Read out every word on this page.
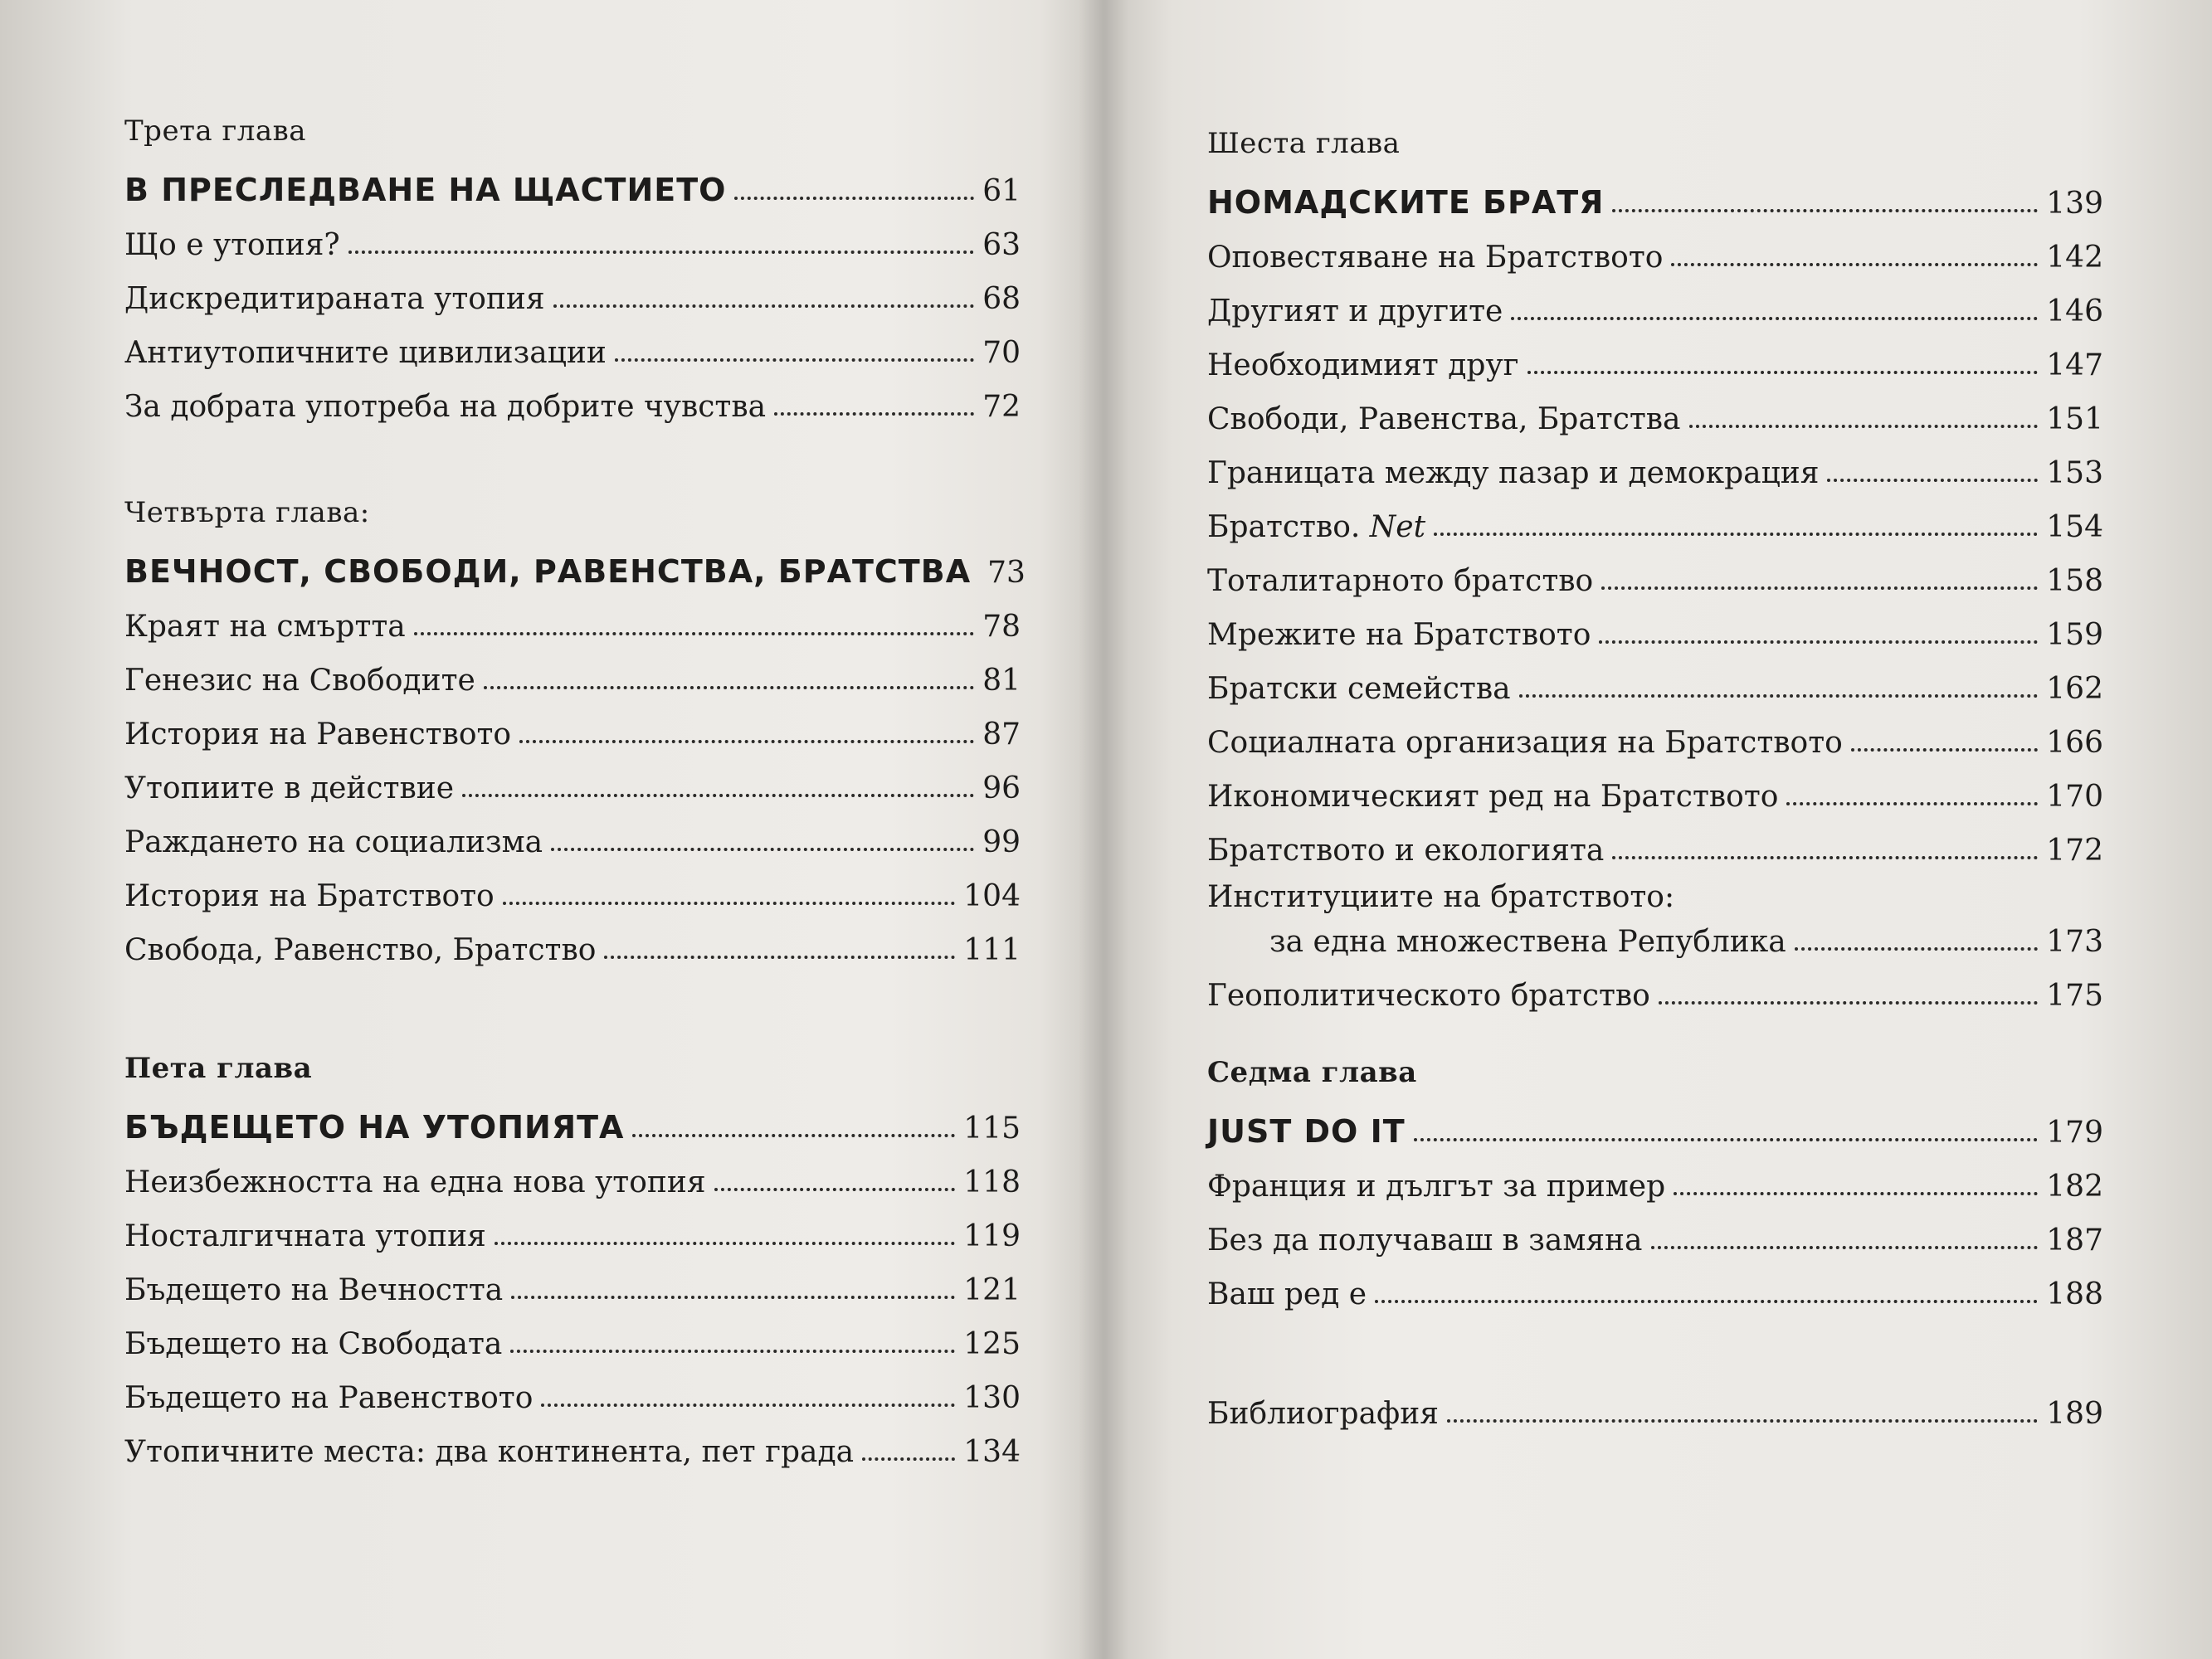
Трета глава
В ПРЕСЛЕДВАНЕ НА ЩАСТИЕТО	61
Що е утопия?	63
Дискредитираната утопия	68
Антиутопичните цивилизации	70
За добрата употреба на добрите чувства	72
Четвърта глава:
ВЕЧНОСТ, СВОБОДИ, РАВЕНСТВА, БРАТСТВА 73
Краят на смъртта	78
Генезис на Свободите	81
История на Равенството	87
Утопиите в действие	96
Раждането на социализма	99
История на Братството	104
Свобода, Равенство, Братство	111
Пета глава
БЪДЕЩЕТО НА УТОПИЯТА	115
Неизбежността на една нова утопия	118
Носталгичната утопия	119
Бъдещето на Вечността	121
Бъдещето на Свободата	125
Бъдещето на Равенството	130
Утопичните места: два континента, пет града	134
Шеста глава
НОМАДСКИТЕ БРАТЯ	139
Оповестяване на Братството	142
Другият и другите	146
Необходимият друг	147
Свободи, Равенства, Братства	151
Границата между пазар и демокрация	153
Братство. Net	154
Тоталитарното братство	158
Мрежите на Братството	159
Братски семейства	162
Социалната организация на Братството	166
Икономическият ред на Братството	170
Братството и екологията	172
Институциите на братството:
за една множествена Република	173
Геополитическото братство	175
Седма глава
JUST DO IT	179
Франция и дългът за пример	182
Без да получаваш в замяна	187
Ваш ред е	188
Библиография	189
